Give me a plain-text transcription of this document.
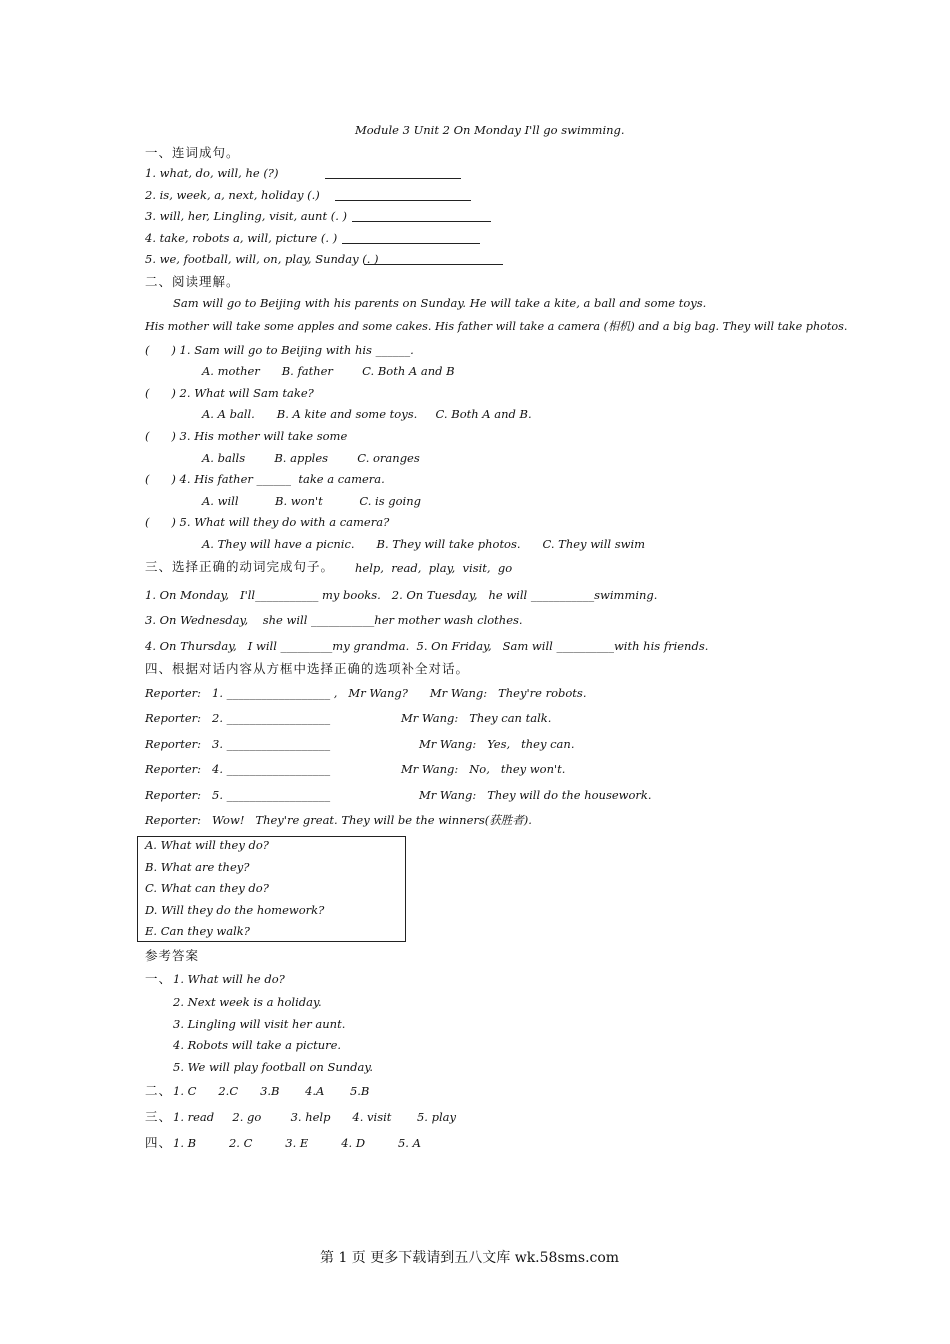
Module 3 Unit 2 On Monday I'll go swimming.
一、连词成句。
1. what, do, will, he (?)
2. is, week, a, next, holiday (.)
3. will, her, Lingling, visit, aunt (. )
4. take, robots a, will, picture (. )
5. we, football, will, on, play, Sunday (. )
二、阅读理解。
Sam will go to Beijing with his parents on Sunday. He will take a kite, a ball and some toys.
His mother will take some apples and some cakes. His father will take a camera (相机) and a big bag. They will take photos.
(      ) 1. Sam will go to Beijing with his ______.
A. mother      B. father        C. Both A and B
(      ) 2. What will Sam take?
A. A ball.      B. A kite and some toys.     C. Both A and B.
(      ) 3. His mother will take some
A. balls        B. apples        C. oranges
(      ) 4. His father ______  take a camera.
A. will          B. won't          C. is going
(      ) 5. What will they do with a camera?
A. They will have a picnic.      B. They will take photos.      C. They will swim
三、选择正确的动词完成句子。 help,  read,  play,  visit,  go
1. On Monday,   I'll___________ my books.   2. On Tuesday,   he will ___________swimming.
3. On Wednesday,    she will ___________her mother wash clothes.
4. On Thursday,   I will _________my grandma.  5. On Friday,   Sam will __________with his friends.
四、根据对话内容从方框中选择正确的选项补全对话。
Reporter:   1. __________________ ,   Mr Wang?      Mr Wang:   They're robots.
Reporter:   2. __________________	Mr Wang:   They can talk.
Reporter:   3. __________________	Mr Wang:   Yes,   they can.
Reporter:   4. __________________	Mr Wang:   No,   they won't.
Reporter:   5. __________________	Mr Wang:   They will do the housework.
Reporter:   Wow!   They're great. They will be the winners(获胜者).
A. What will they do?
B. What are they?
C. What can they do?
D. Will they do the homework?
E. Can they walk?
参考答案
一、 1. What will he do?
2. Next week is a holiday.
3. Lingling will visit her aunt.
4. Robots will take a picture.
5. We will play football on Sunday.
二、 1. C      2.C      3.B       4.A       5.B
三、 1. read     2. go        3. help      4. visit       5. play
四、 1. B         2. C         3. E         4. D         5. A
第 1 页 更多下载请到五八文库 wk.58sms.com
